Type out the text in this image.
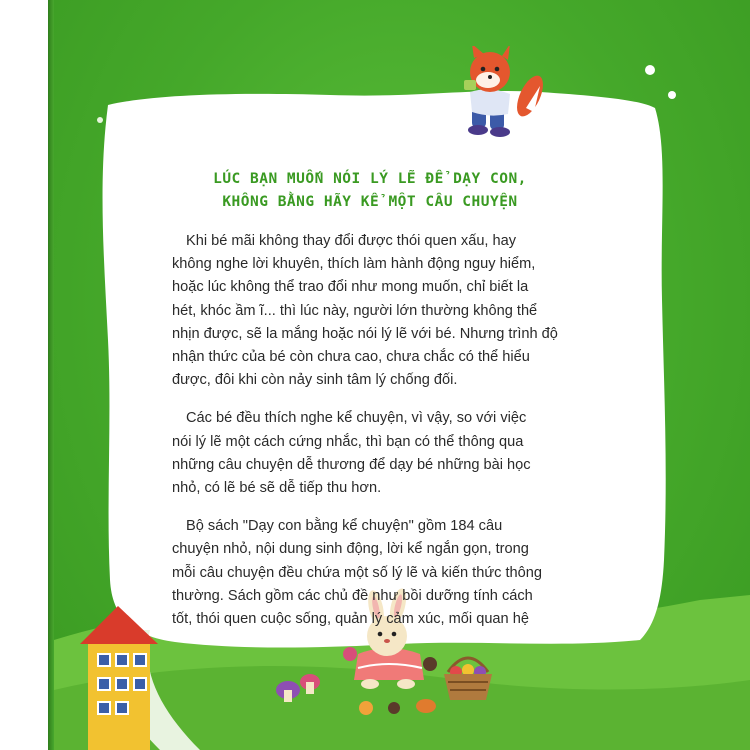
LÚC BẠN MUỐN NÓI LÝ LẼ ĐỂ DẠY CON,
KHÔNG BẰNG HÃY KỂ MỘT CÂU CHUYỆN

Khi bé mãi không thay đổi được thói quen xấu, hay
không nghe lời khuyên, thích làm hành động nguy hiểm,
hoặc lúc không thể trao đổi như mong muốn, chỉ biết la
hét, khóc ầm ĩ... thì lúc này, người lớn thường không thể
nhịn được, sẽ la mắng hoặc nói lý lẽ với bé. Nhưng trình độ
nhận thức của bé còn chưa cao, chưa chắc có thể hiểu
được, đôi khi còn nảy sinh tâm lý chống đối.

Các bé đều thích nghe kể chuyện, vì vậy, so với việc
nói lý lẽ một cách cứng nhắc, thì bạn có thể thông qua
những câu chuyện dễ thương để dạy bé những bài học
nhỏ, có lẽ bé sẽ dễ tiếp thu hơn.

Bộ sách "Dạy con bằng kể chuyện" gồm 184 câu
chuyện nhỏ, nội dung sinh động, lời kể ngắn gọn, trong
mỗi câu chuyện đều chứa một số lý lẽ và kiến thức thông
thường. Sách gồm các chủ đề như bồi dưỡng tính cách
tốt, thói quen cuộc sống, quản lý cảm xúc, mối quan hệ
